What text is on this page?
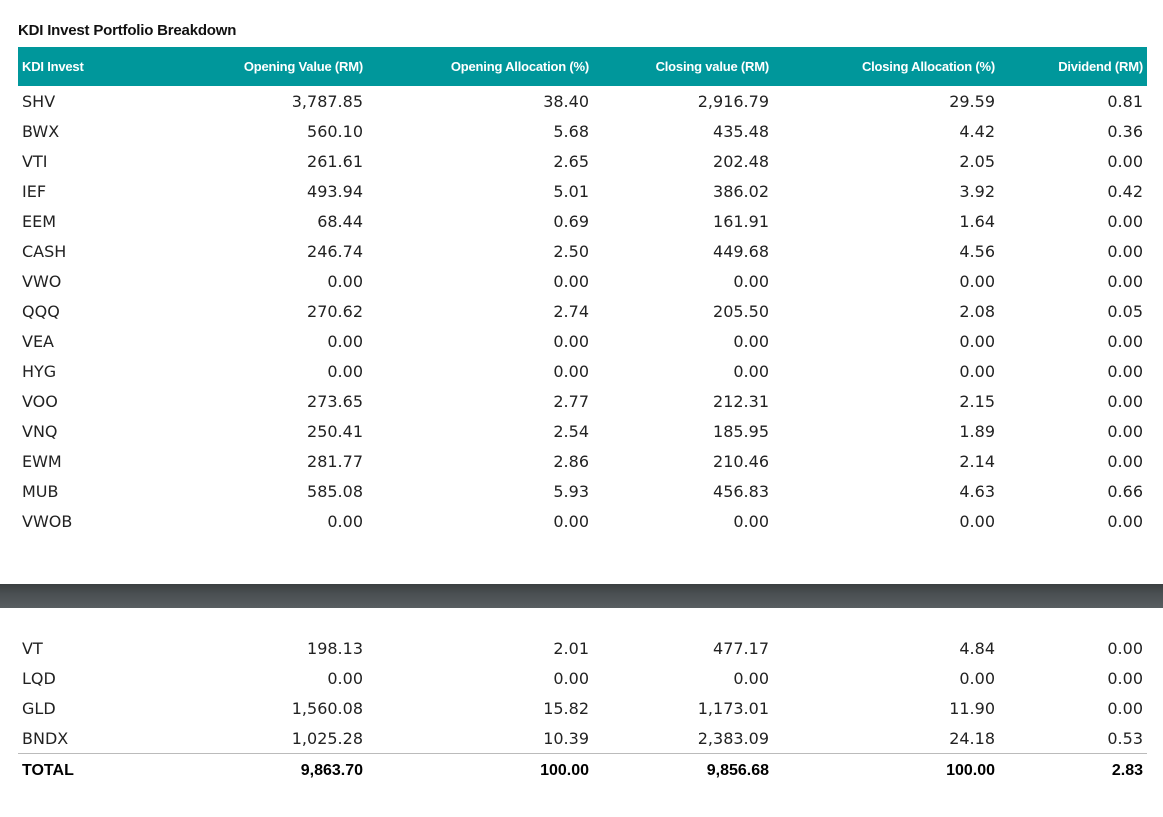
KDI Invest Portfolio Breakdown
KDI Invest	Opening Value (RM)	Opening Allocation (%)	Closing value (RM)	Closing Allocation (%)	Dividend (RM)
SHV	3,787.85	38.40	2,916.79	29.59	0.81
BWX	560.10	5.68	435.48	4.42	0.36
VTI	261.61	2.65	202.48	2.05	0.00
IEF	493.94	5.01	386.02	3.92	0.42
EEM	68.44	0.69	161.91	1.64	0.00
CASH	246.74	2.50	449.68	4.56	0.00
VWO	0.00	0.00	0.00	0.00	0.00
QQQ	270.62	2.74	205.50	2.08	0.05
VEA	0.00	0.00	0.00	0.00	0.00
HYG	0.00	0.00	0.00	0.00	0.00
VOO	273.65	2.77	212.31	2.15	0.00
VNQ	250.41	2.54	185.95	1.89	0.00
EWM	281.77	2.86	210.46	2.14	0.00
MUB	585.08	5.93	456.83	4.63	0.66
VWOB	0.00	0.00	0.00	0.00	0.00
VT	198.13	2.01	477.17	4.84	0.00
LQD	0.00	0.00	0.00	0.00	0.00
GLD	1,560.08	15.82	1,173.01	11.90	0.00
BNDX	1,025.28	10.39	2,383.09	24.18	0.53
TOTAL	9,863.70	100.00	9,856.68	100.00	2.83
